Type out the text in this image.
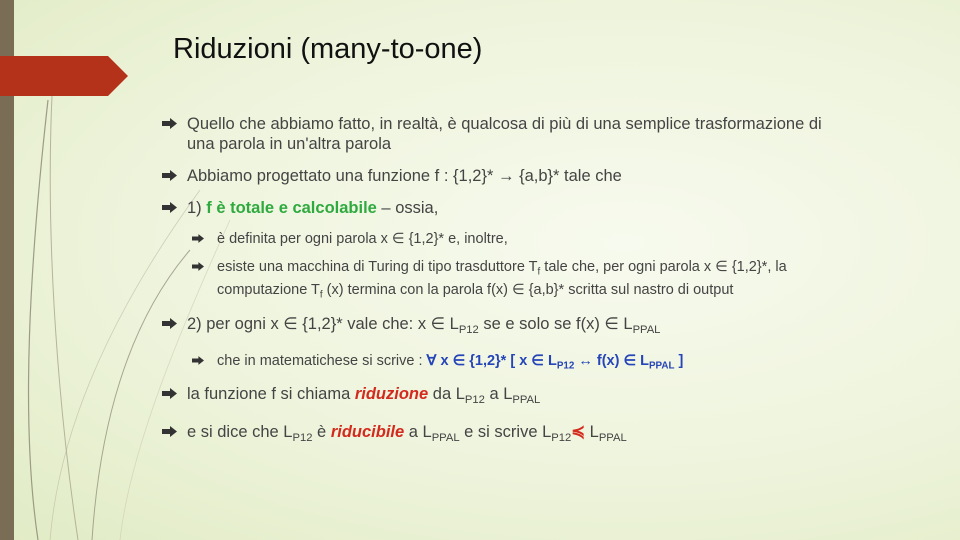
Riduzioni (many-to-one)
Quello che abbiamo fatto, in realtà, è qualcosa di più di una semplice trasformazione di una parola in un'altra parola
Abbiamo progettato una funzione f : {1,2}* → {a,b}* tale che
1) f è totale e calcolabile – ossia,
è definita per ogni parola x ∈ {1,2}* e, inoltre,
esiste una macchina di Turing di tipo trasduttore $T_f$ tale che, per ogni parola x ∈ {1,2}*, la computazione $T_f$ (x) termina con la parola f(x) ∈ {a,b}* scritta sul nastro di output
2) per ogni x ∈ {1,2}* vale che: x ∈ $L_{P12}$ se e solo se f(x) ∈ $L_{PPAL}$
che in matematichese si scrive : ∀ x ∈ {1,2}* [ x ∈ $L_{P12}$ ↔ f(x) ∈ $L_{PPAL}$ ]
la funzione f si chiama riduzione da $L_{P12}$ a $L_{PPAL}$
e si dice che $L_{P12}$ è riducibile a $L_{PPAL}$ e si scrive $L_{P12}≼$ $L_{PPAL}$
